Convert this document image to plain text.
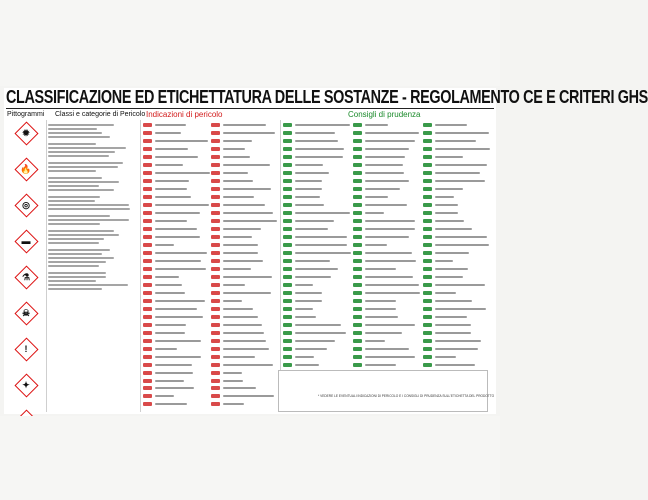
CLASSIFICAZIONE ED ETICHETTATURA DELLE SOSTANZE - REGOLAMENTO CE E CRITERI GHS
Pittogrammi Classi e categorie di Pericolo Indicazioni di pericolo	Consigli di prudenza
✹
🔥
◎
▬
⚗
☠
!
✦
* VEDERE LE EVENTUALI INDICAZIONI DI PERICOLO E I CONSIGLI DI PRUDENZA SULL'ETICHETTA DEL PRODOTTO
